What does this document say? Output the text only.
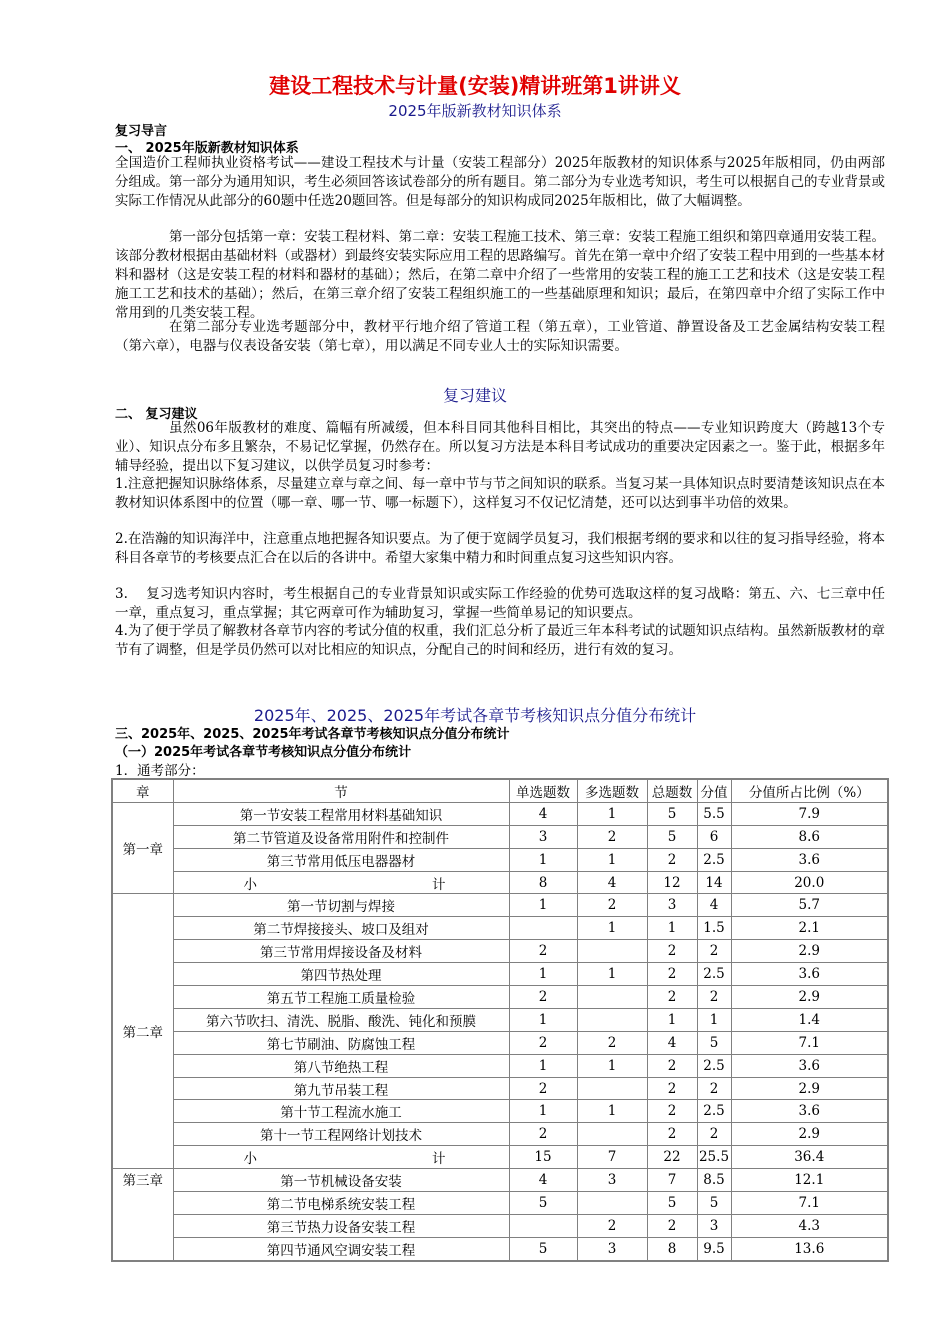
建设工程技术与计量(安装)精讲班第1讲讲义
2025年版新教材知识体系
复习导言
一、 2025年版新教材知识体系
全国造价工程师执业资格考试——建设工程技术与计量（安装工程部分）2025年版教材的知识体系与2025年版相同，仍由两部分组成。第一部分为通用知识，考生必须回答该试卷部分的所有题目。第二部分为专业选考知识，考生可以根据自己的专业背景或实际工作情况从此部分的60题中任选20题回答。但是每部分的知识构成同2025年版相比，做了大幅调整。
第一部分包括第一章：安装工程材料、第二章：安装工程施工技术、第三章：安装工程施工组织和第四章通用安装工程。该部分教材根据由基础材料（或器材）到最终安装实际应用工程的思路编写。首先在第一章中介绍了安装工程中用到的一些基本材料和器材（这是安装工程的材料和器材的基础）；然后，在第二章中介绍了一些常用的安装工程的施工工艺和技术（这是安装工程施工工艺和技术的基础）；然后，在第三章介绍了安装工程组织施工的一些基础原理和知识；最后，在第四章中介绍了实际工作中常用到的几类安装工程。
在第二部分专业选考题部分中，教材平行地介绍了管道工程（第五章），工业管道、静置设备及工艺金属结构安装工程（第六章），电器与仪表设备安装（第七章），用以满足不同专业人士的实际知识需要。
复习建议
二、 复习建议
虽然06年版教材的难度、篇幅有所减缓，但本科目同其他科目相比，其突出的特点——专业知识跨度大（跨越13个专业）、知识点分布多且繁杂，不易记忆掌握，仍然存在。所以复习方法是本科目考试成功的重要决定因素之一。鉴于此，根据多年辅导经验，提出以下复习建议，以供学员复习时参考：
1.注意把握知识脉络体系，尽量建立章与章之间、每一章中节与节之间知识的联系。当复习某一具体知识点时要清楚该知识点在本教材知识体系图中的位置（哪一章、哪一节、哪一标题下），这样复习不仅记忆清楚，还可以达到事半功倍的效果。
2.在浩瀚的知识海洋中，注意重点地把握各知识要点。为了便于宽阔学员复习，我们根据考纲的要求和以往的复习指导经验，将本科目各章节的考核要点汇合在以后的各讲中。希望大家集中精力和时间重点复习这些知识内容。
3.　 复习选考知识内容时，考生根据自己的专业背景知识或实际工作经验的优势可选取这样的复习战略：第五、六、七三章中任一章，重点复习，重点掌握；其它两章可作为辅助复习，掌握一些简单易记的知识要点。
4.为了便于学员了解教材各章节内容的考试分值的权重，我们汇总分析了最近三年本科考试的试题知识点结构。虽然新版教材的章节有了调整，但是学员仍然可以对比相应的知识点，分配自己的时间和经历，进行有效的复习。
2025年、2025、2025年考试各章节考核知识点分值分布统计
三、2025年、2025、2025年考试各章节考核知识点分值分布统计
（一）2025年考试各章节考核知识点分值分布统计
1．通考部分：
章	节	单选题数	多选题数	总题数	分值	分值所占比例（%）
第一章	第一节安装工程常用材料基础知识	4	1	5	5.5	7.9
	第二节管道及设备常用附件和控制件	3	2	5	6	8.6
	第三节常用低压电器器材	1	1	2	2.5	3.6
	小 计	8	4	12	14	20.0
第二章	第一节切割与焊接	1	2	3	4	5.7
	第二节焊接接头、坡口及组对		1	1	1.5	2.1
	第三节常用焊接设备及材料	2		2	2	2.9
	第四节热处理	1	1	2	2.5	3.6
	第五节工程施工质量检验	2		2	2	2.9
	第六节吹扫、清洗、脱脂、酸洗、钝化和预膜	1		1	1	1.4
	第七节刷油、防腐蚀工程	2	2	4	5	7.1
	第八节绝热工程	1	1	2	2.5	3.6
	第九节吊装工程	2		2	2	2.9
	第十节工程流水施工	1	1	2	2.5	3.6
	第十一节工程网络计划技术	2		2	2	2.9
	小 计	15	7	22	25.5	36.4
第三章	第一节机械设备安装	4	3	7	8.5	12.1
	第二节电梯系统安装工程	5		5	5	7.1
	第三节热力设备安装工程		2	2	3	4.3
	第四节通风空调安装工程	5	3	8	9.5	13.6
